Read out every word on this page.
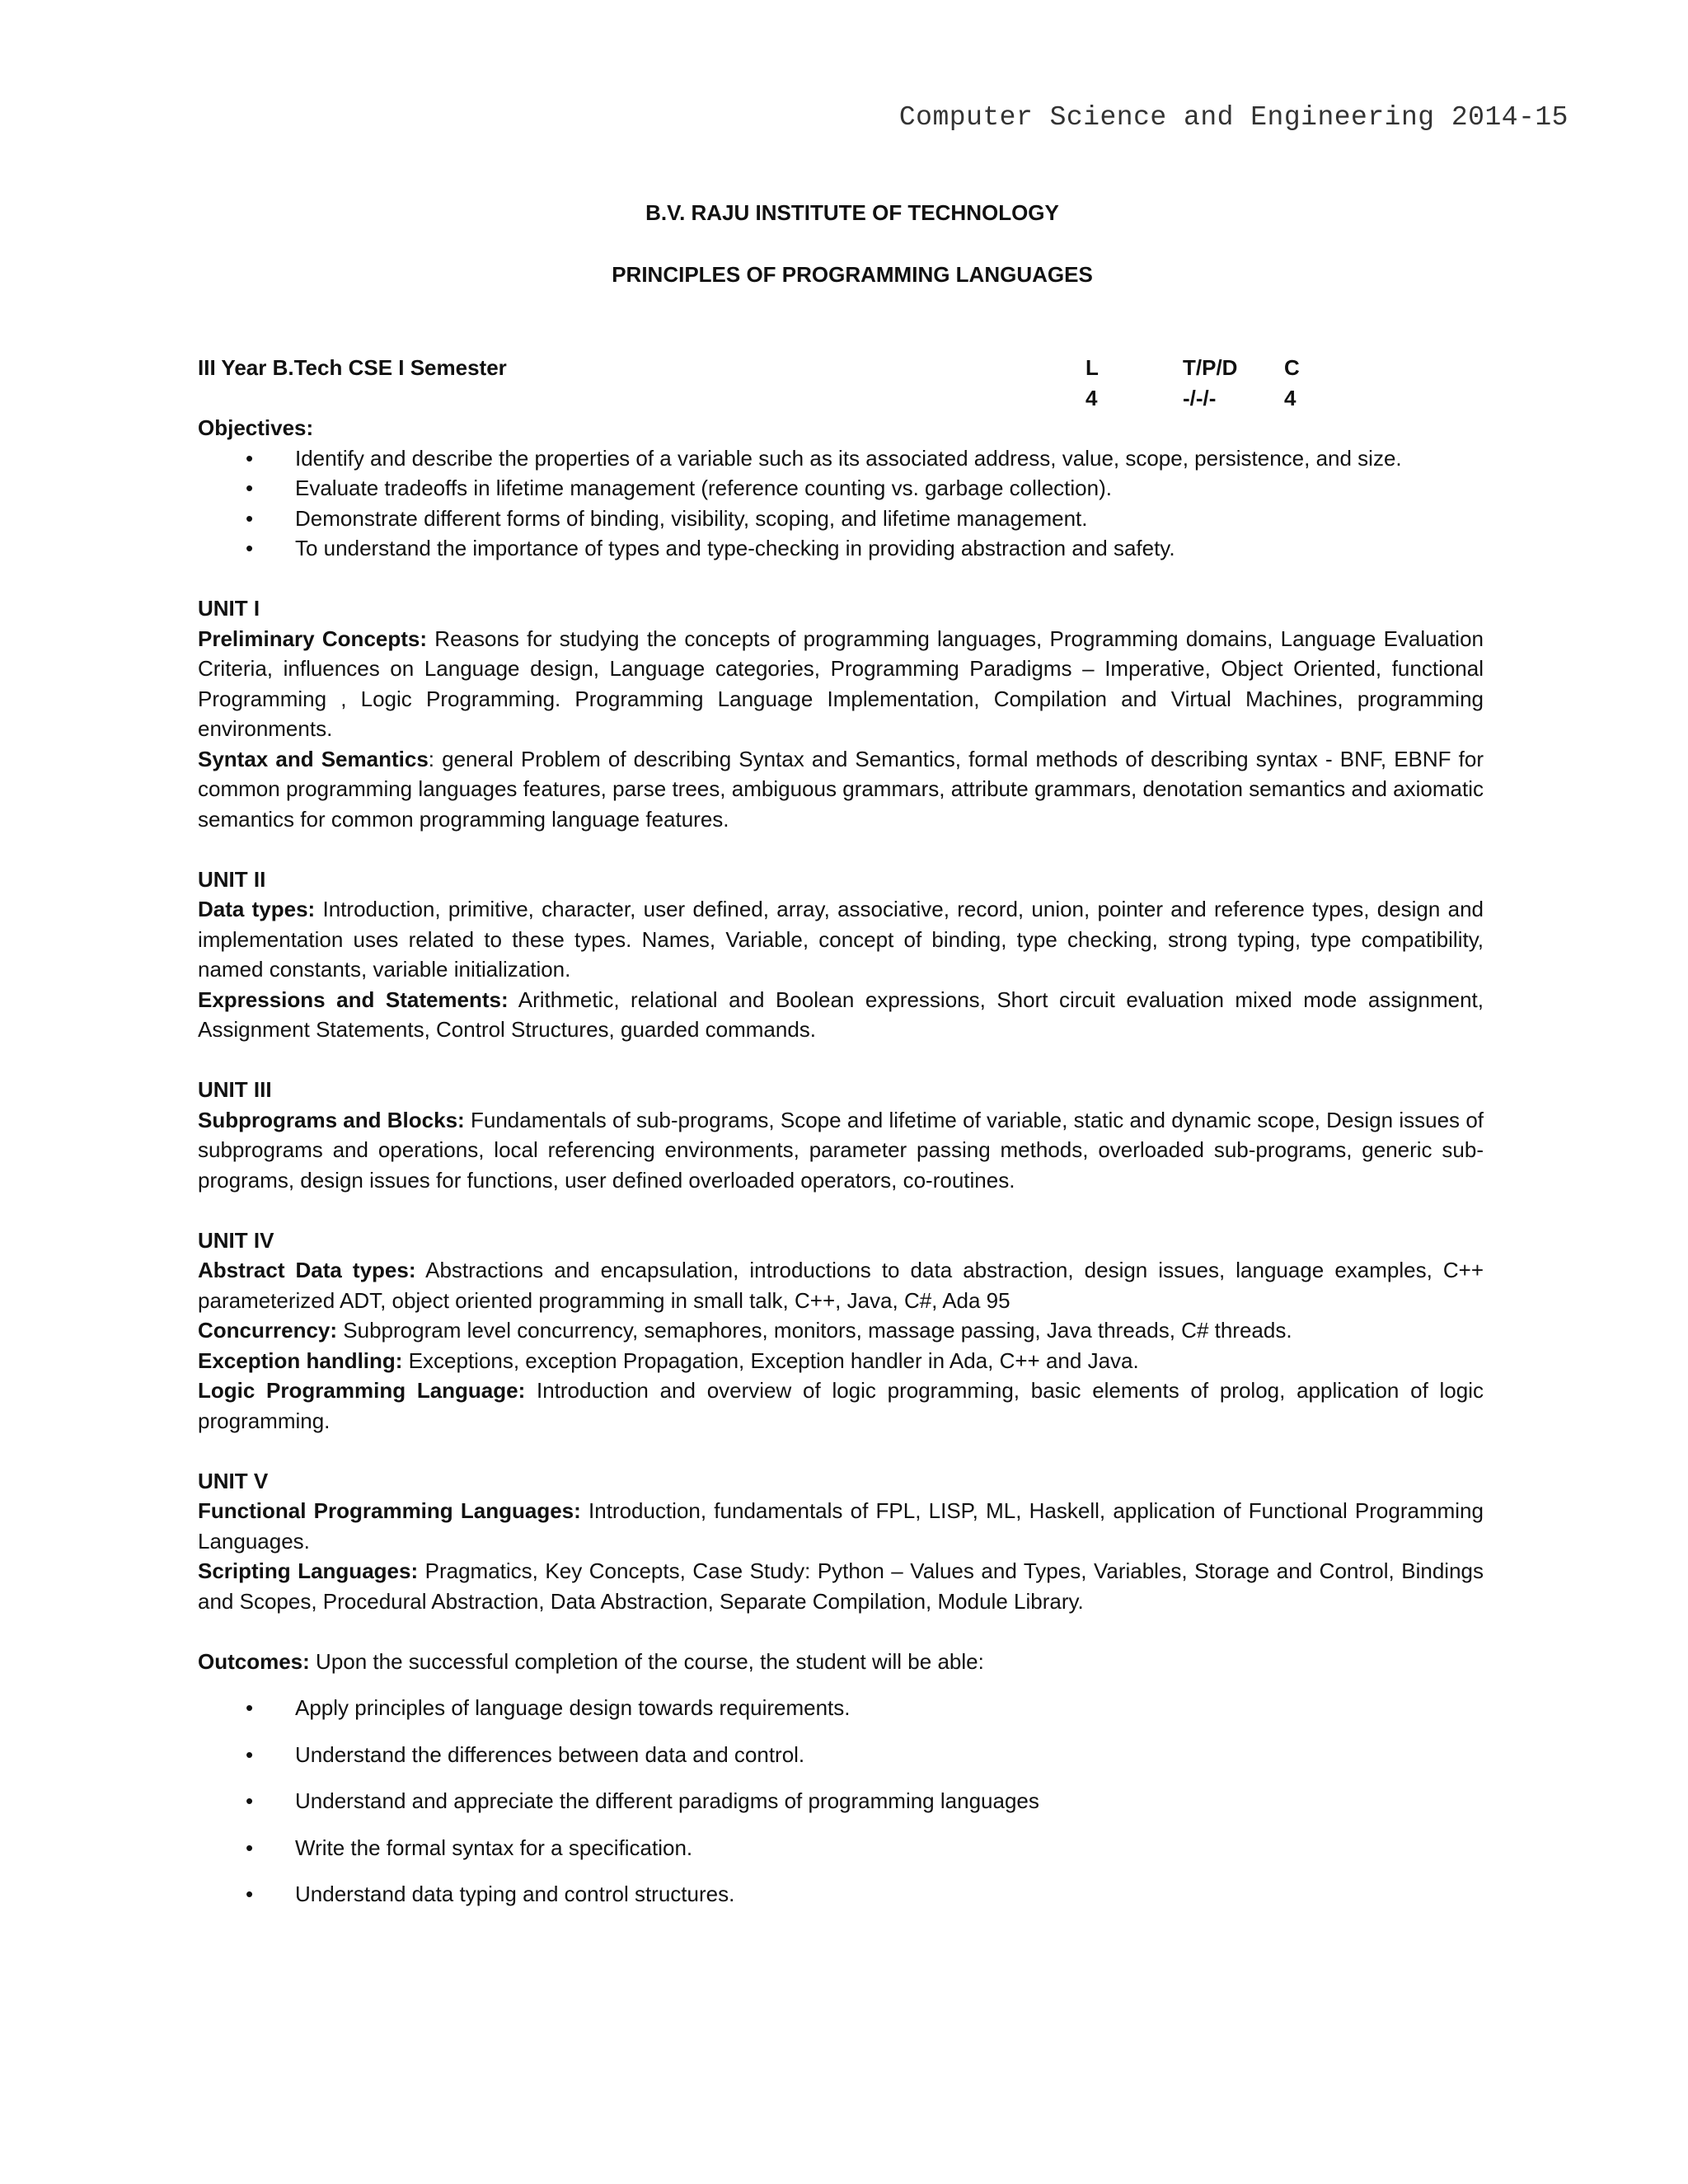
Computer Science and Engineering 2014-15
B.V. RAJU INSTITUTE OF TECHNOLOGY
PRINCIPLES OF PROGRAMMING LANGUAGES
III Year B.Tech CSE I Semester	L
4
T/P/D
-/-/-
C
4
Objectives:
• Identify and describe the properties of a variable such as its associated address, value, scope, persistence, and size.
• Evaluate tradeoffs in lifetime management (reference counting vs. garbage collection).
• Demonstrate different forms of binding, visibility, scoping, and lifetime management.
• To understand the importance of types and type-checking in providing abstraction and safety.
UNIT I

Preliminary Concepts: Reasons for studying the concepts of programming languages, Programming domains, Language Evaluation Criteria, influences on Language design, Language categories, Programming Paradigms – Imperative, Object Oriented, functional Programming , Logic Programming. Programming Language Implementation, Compilation and Virtual Machines, programming environments.

Syntax and Semantics: general Problem of describing Syntax and Semantics, formal methods of describing syntax - BNF, EBNF for common programming languages features, parse trees, ambiguous grammars, attribute grammars, denotation semantics and axiomatic semantics for common programming language features.

UNIT II

Data types: Introduction, primitive, character, user defined, array, associative, record, union, pointer and reference types, design and implementation uses related to these types. Names, Variable, concept of binding, type checking, strong typing, type compatibility, named constants, variable initialization.

Expressions and Statements: Arithmetic, relational and Boolean expressions, Short circuit evaluation mixed mode assignment, Assignment Statements, Control Structures, guarded commands.

UNIT III

Subprograms and Blocks: Fundamentals of sub-programs, Scope and lifetime of variable, static and dynamic scope, Design issues of subprograms and operations, local referencing environments, parameter passing methods, overloaded sub-programs, generic sub-programs, design issues for functions, user defined overloaded operators, co-routines.

UNIT IV

Abstract Data types: Abstractions and encapsulation, introductions to data abstraction, design issues, language examples, C++ parameterized ADT, object oriented programming in small talk, C++, Java, C#, Ada 95

Concurrency: Subprogram level concurrency, semaphores, monitors, massage passing, Java threads, C# threads.

Exception handling: Exceptions, exception Propagation, Exception handler in Ada, C++ and Java.

Logic Programming Language: Introduction and overview of logic programming, basic elements of prolog, application of logic programming.

UNIT V

Functional Programming Languages: Introduction, fundamentals of FPL, LISP, ML, Haskell, application of Functional Programming Languages.

Scripting Languages: Pragmatics, Key Concepts, Case Study: Python – Values and Types, Variables, Storage and Control, Bindings and Scopes, Procedural Abstraction, Data Abstraction, Separate Compilation, Module Library.

Outcomes: Upon the successful completion of the course, the student will be able:

• Apply principles of language design towards requirements.
• Understand the differences between data and control.
• Understand and appreciate the different paradigms of programming languages
• Write the formal syntax for a specification.
• Understand data typing and control structures.
